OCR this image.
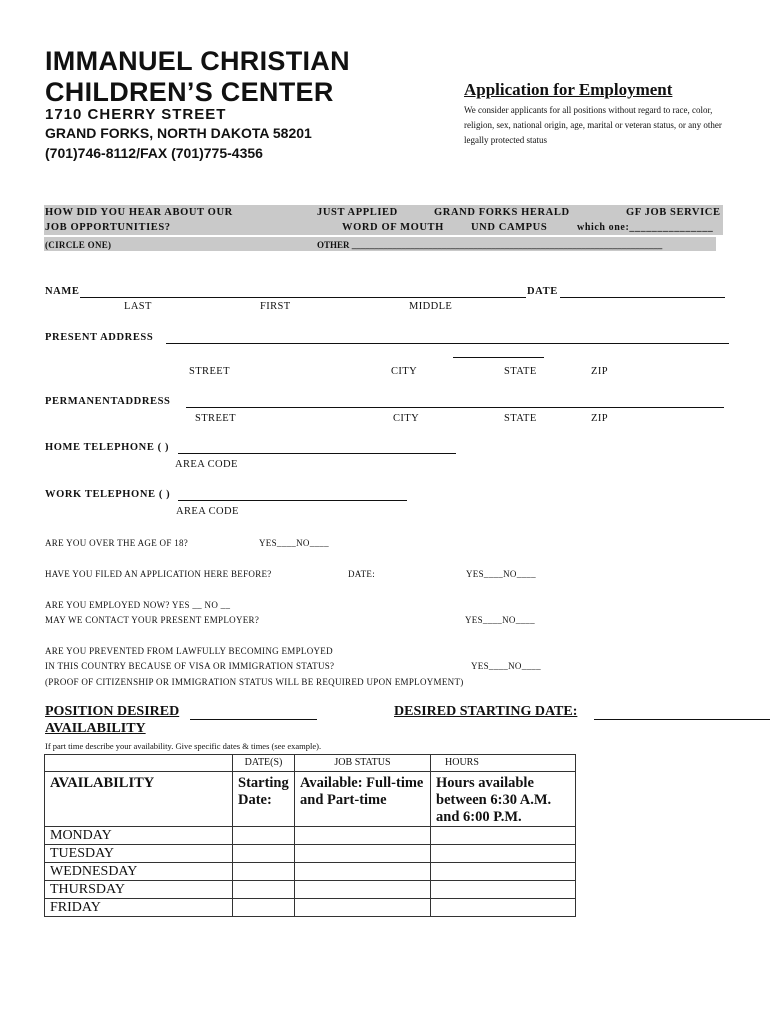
IMMANUEL CHRISTIAN
CHILDREN’S CENTER
1710 CHERRY STREET
GRAND FORKS, NORTH DAKOTA 58201
(701)746-8112/FAX (701)775-4356
Application for Employment
We consider applicants for all positions without regard to race, color, religion, sex, national origin, age, marital or veteran status, or any other legally protected status
HOW DID YOU HEAR ABOUT OUR
JOB OPPORTUNITIES?
(CIRCLE ONE)
JUST APPLIED	GRAND FORKS HERALD	GF JOB SERVICE
WORD OF MOUTH	UND CAMPUS	which one:_______________
OTHER _____________________________________________________________________
NAME	DATE
LAST	FIRST	MIDDLE
PRESENT ADDRESS
STREET	CITY	STATE	ZIP
PERMANENTADDRESS
STREET	CITY	STATE	ZIP
HOME TELEPHONE ( )
AREA CODE
WORK TELEPHONE ( )
AREA CODE
ARE YOU OVER THE AGE OF 18?	YES____NO____
HAVE YOU FILED AN APPLICATION HERE BEFORE?	DATE:	YES____NO____
ARE YOU EMPLOYED NOW? YES __ NO __
MAY WE CONTACT YOUR PRESENT EMPLOYER?	YES____NO____
ARE YOU PREVENTED FROM LAWFULLY BECOMING EMPLOYED
IN THIS COUNTRY BECAUSE OF VISA OR IMMIGRATION STATUS?	YES____NO____
(PROOF OF CITIZENSHIP OR IMMIGRATION STATUS WILL BE REQUIRED UPON EMPLOYMENT)
POSITION DESIRED	DESIRED STARTING DATE:
AVAILABILITY
If part time describe your availability. Give specific dates & times (see example).
	DATE(S)	JOB STATUS	HOURS
AVAILABILITY	Starting Date:	Available: Full-time and Part-time	Hours available between 6:30 A.M. and 6:00 P.M.
MONDAY			
TUESDAY			
WEDNESDAY			
THURSDAY			
FRIDAY			
